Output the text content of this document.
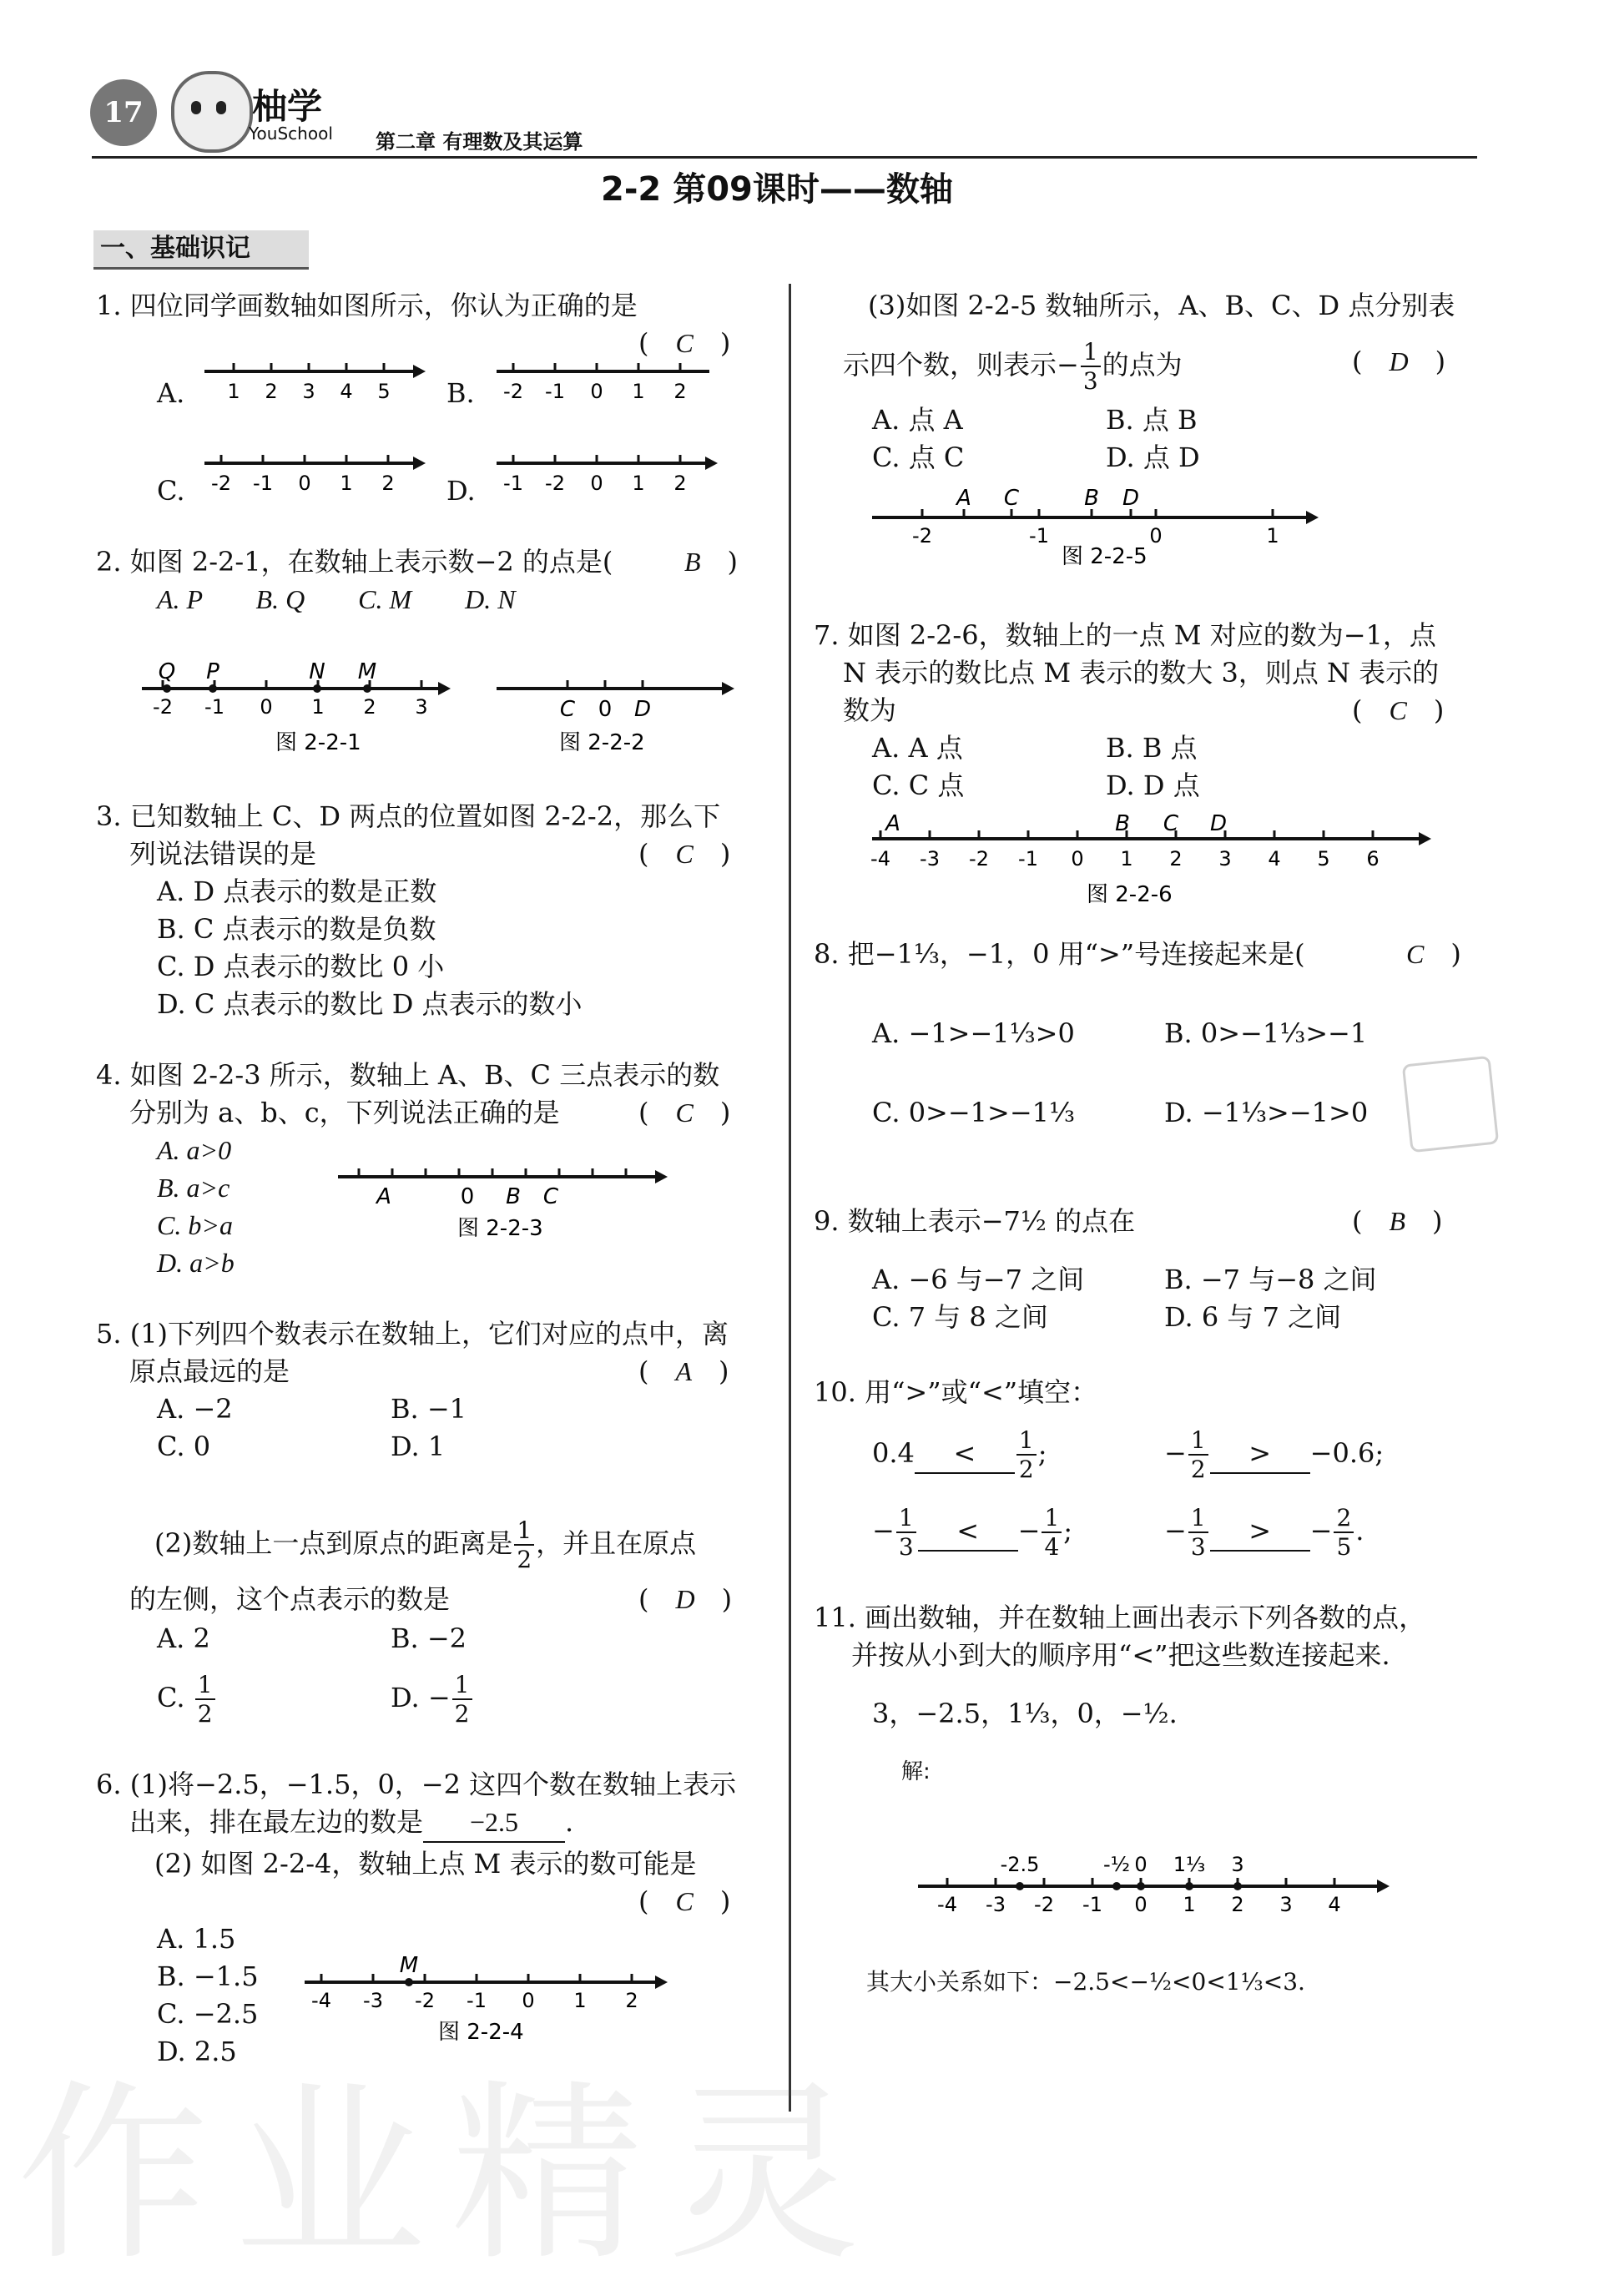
17	柚学
YouSchool 第二章 有理数及其运算
2-2 第09课时——数轴
一、基础识记
1. 四位同学画数轴如图所示，你认为正确的是
(　C　)
A.	B.
C.	D.
1 2 3 4 5	-2 -1 0 1 2
-2 -1 0 1 2	-1 -2 0 1 2
2. 如图 2-2-1，在数轴上表示数−2 的点是(	B　)
A. P　　B. Q　　C. M　　D. N
-2 -1 0 1 2 3
Q P	N M
图 2-2-1
C 0 D
图 2-2-2
3. 已知数轴上 C、D 两点的位置如图 2-2-2，那么下
列说法错误的是	(　C　)
A. D 点表示的数是正数
B. C 点表示的数是负数
C. D 点表示的数比 0 小
D. C 点表示的数比 D 点表示的数小
4. 如图 2-2-3 所示，数轴上 A、B、C 三点表示的数
分别为 a、b、c，下列说法正确的是	(　C　)
A. a>0
B. a>c
C. b>a
D. a>b
A	0 B C
图 2-2-3
5. (1)下列四个数表示在数轴上，它们对应的点中，离
原点最远的是	(　A　)
A. −2	B. −1
C. 0	D. 1
(2)数轴上一点到原点的距离是 $\frac{1}{2}$ ，并且在原点
的左侧，这个点表示的数是	(　D　)
A. 2	B. −2
C. $\frac{1}{2}$	D. − $\frac{1}{2}$
6. (1)将−2.5，−1.5，0，−2 这四个数在数轴上表示
出来，排在最左边的数是 −2.5 .
(2) 如图 2-2-4，数轴上点 M 表示的数可能是
(　C　)
A. 1.5
B. −1.5
C. −2.5
D. 2.5
-4 -3 -2 -1 0 1 2
M
图 2-2-4
(3)如图 2-2-5 数轴所示，A、B、C、D 点分别表
示四个数，则表示− $\frac{1}{3}$ 的点为	(　D　)
A. 点 A	B. 点 B
C. 点 C	D. 点 D
-2	-1	0	1
A C	B D
图 2-2-5
7. 如图 2-2-6，数轴上的一点 M 对应的数为−1，点
N 表示的数比点 M 表示的数大 3，则点 N 表示的
数为	(　C　)
A. A 点	B. B 点
C. C 点	D. D 点
-4 -3 -2 -1 0 1 2 3 4 5 6
A	B C D
图 2-2-6
8. 把−1⅓，−1，0 用“>”号连接起来是(	C　)
A. −1>−1⅓>0	B. 0>−1⅓>−1
C. 0>−1>−1⅓	D. −1⅓>−1>0
9. 数轴上表示−7½ 的点在	(　B　)
A. −6 与−7 之间	B. −7 与−8 之间
C. 7 与 8 之间	D. 6 与 7 之间
10. 用“>”或“<”填空：
$0.4 < \frac{1}{2}$ ;	− $\frac{1}{2} > -0.6$;
− $\frac{1}{3}$ < − $\frac{1}{4}$ ;	− $\frac{1}{3}$ > − $\frac{2}{5}$ .
11. 画出数轴，并在数轴上画出表示下列各数的点，
并按从小到大的顺序用“<”把这些数连接起来.
3，−2.5，1⅓，0，−½.
解:
-4 -3 -2 -1 0 1 2 3 4
-2.5	-½ 0 1⅓ 3
其大小关系如下：−2.5<−½<0<1⅓<3.
作业精灵
